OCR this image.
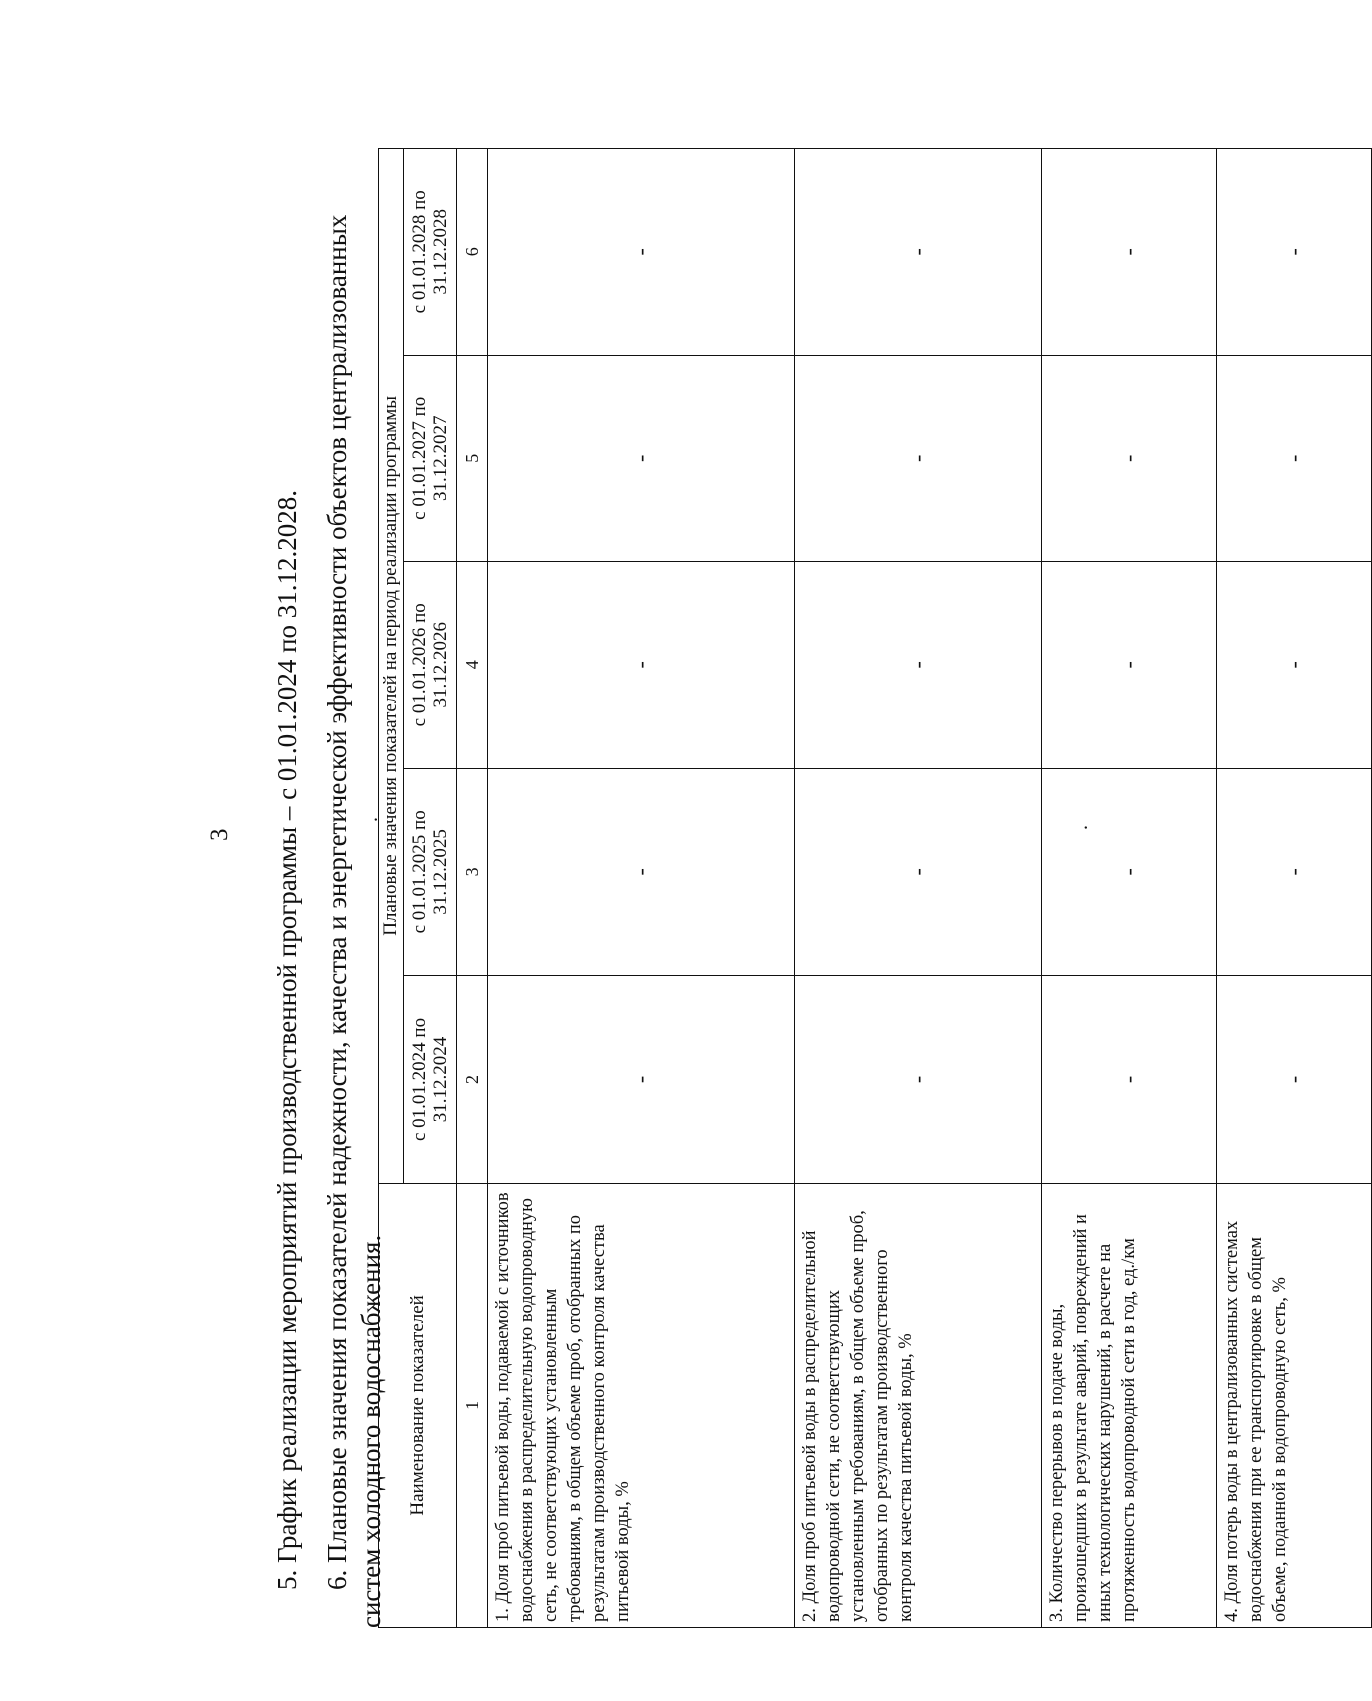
3 5. График реализации мероприятий производственной программы – с 01.01.2024 по 31.12.2028. 6. Плановые значения показателей надежности, качества и энергетической эффективности объектов централизованных систем холодного водоснабжения.
.
.
Наименование показателей	Плановые значения показателей на период реализации программы				
	с 01.01.2024 по 31.12.2024	с 01.01.2025 по 31.12.2025	с 01.01.2026 по 31.12.2026	с 01.01.2027 по 31.12.2027	с 01.01.2028 по 31.12.2028
1	2	3	4	5	6
1. Доля проб питьевой воды, подаваемой с источников водоснабжения в распределительную водопроводную сеть, не соответствующих установленным требованиям, в общем объеме проб, отобранных по результатам производственного контроля качества питьевой воды, %	-	-	-	-	-
2. Доля проб питьевой воды в распределительной водопроводной сети, не соответствующих установленным требованиям, в общем объеме проб, отобранных по результатам производственного контроля качества питьевой воды, %	-	-	-	-	-
3. Количество перерывов в подаче воды, произошедших в результате аварий, повреждений и иных технологических нарушений, в расчете на протяженность водопроводной сети в год, ед./км	-	-	-	-	-
4. Доля потерь воды в централизованных системах водоснабжения при ее транспортировке в общем объеме, поданной в водопроводную сеть, %	-	-	-	-	-
